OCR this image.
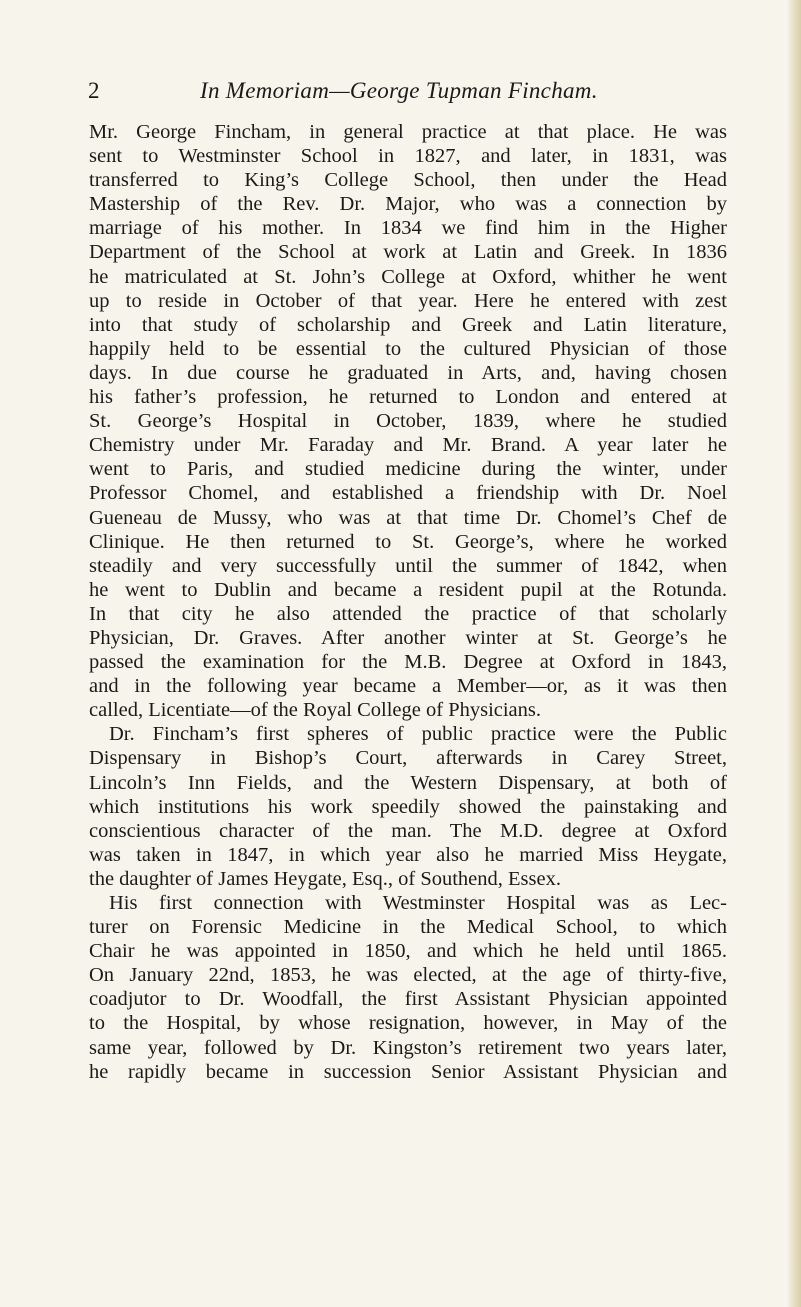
2	In Memoriam—George Tupman Fincham.
Mr. George Fincham, in general practice at that place. He was
sent to Westminster School in 1827, and later, in 1831, was
transferred to King’s College School, then under the Head
Mastership of the Rev. Dr. Major, who was a connection by
marriage of his mother. In 1834 we find him in the Higher
Department of the School at work at Latin and Greek. In 1836
he matriculated at St. John’s College at Oxford, whither he went
up to reside in October of that year. Here he entered with zest
into that study of scholarship and Greek and Latin literature,
happily held to be essential to the cultured Physician of those
days. In due course he graduated in Arts, and, having chosen
his father’s profession, he returned to London and entered at
St. George’s Hospital in October, 1839, where he studied
Chemistry under Mr. Faraday and Mr. Brand. A year later he
went to Paris, and studied medicine during the winter, under
Professor Chomel, and established a friendship with Dr. Noel
Gueneau de Mussy, who was at that time Dr. Chomel’s Chef de
Clinique. He then returned to St. George’s, where he worked
steadily and very successfully until the summer of 1842, when
he went to Dublin and became a resident pupil at the Rotunda.
In that city he also attended the practice of that scholarly
Physician, Dr. Graves. After another winter at St. George’s he
passed the examination for the M.B. Degree at Oxford in 1843,
and in the following year became a Member—or, as it was then
called, Licentiate—of the Royal College of Physicians.
Dr. Fincham’s first spheres of public practice were the Public
Dispensary in Bishop’s Court, afterwards in Carey Street,
Lincoln’s Inn Fields, and the Western Dispensary, at both of
which institutions his work speedily showed the painstaking and
conscientious character of the man. The M.D. degree at Oxford
was taken in 1847, in which year also he married Miss Heygate,
the daughter of James Heygate, Esq., of Southend, Essex.
His first connection with Westminster Hospital was as Lec-
turer on Forensic Medicine in the Medical School, to which
Chair he was appointed in 1850, and which he held until 1865.
On January 22nd, 1853, he was elected, at the age of thirty-five,
coadjutor to Dr. Woodfall, the first Assistant Physician appointed
to the Hospital, by whose resignation, however, in May of the
same year, followed by Dr. Kingston’s retirement two years later,
he rapidly became in succession Senior Assistant Physician and
